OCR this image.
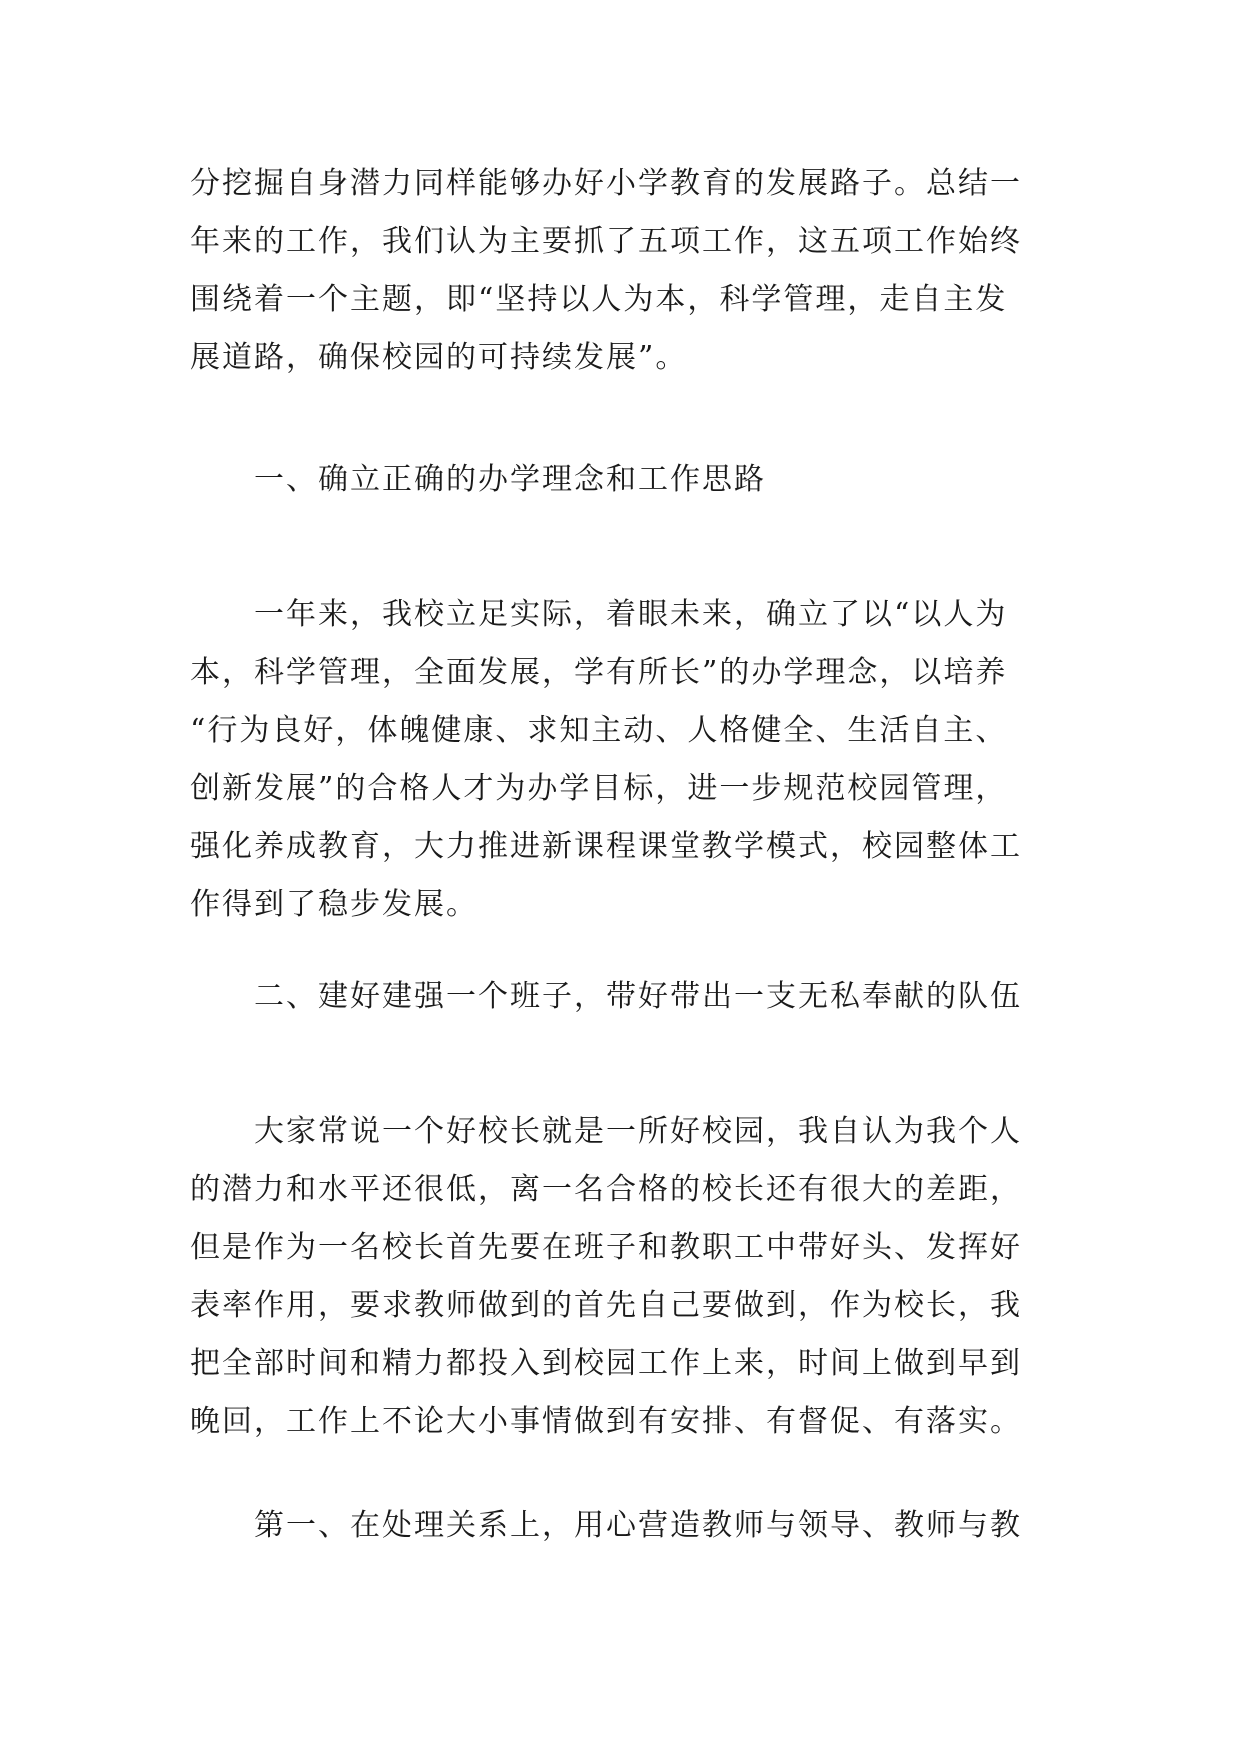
分挖掘自身潜力同样能够办好小学教育的发展路子。总结一
年来的工作，我们认为主要抓了五项工作，这五项工作始终
围绕着一个主题，即“坚持以人为本，科学管理，走自主发
展道路，确保校园的可持续发展”。
　　一、确立正确的办学理念和工作思路
　　一年来，我校立足实际，着眼未来，确立了以“以人为
本，科学管理，全面发展，学有所长”的办学理念，以培养
“行为良好，体魄健康、求知主动、人格健全、生活自主、
创新发展”的合格人才为办学目标，进一步规范校园管理，
强化养成教育，大力推进新课程课堂教学模式，校园整体工
作得到了稳步发展。
　　二、建好建强一个班子，带好带出一支无私奉献的队伍
　　大家常说一个好校长就是一所好校园，我自认为我个人
的潜力和水平还很低，离一名合格的校长还有很大的差距，
但是作为一名校长首先要在班子和教职工中带好头、发挥好
表率作用，要求教师做到的首先自己要做到，作为校长，我
把全部时间和精力都投入到校园工作上来，时间上做到早到
晚回，工作上不论大小事情做到有安排、有督促、有落实。
　　第一、在处理关系上，用心营造教师与领导、教师与教
